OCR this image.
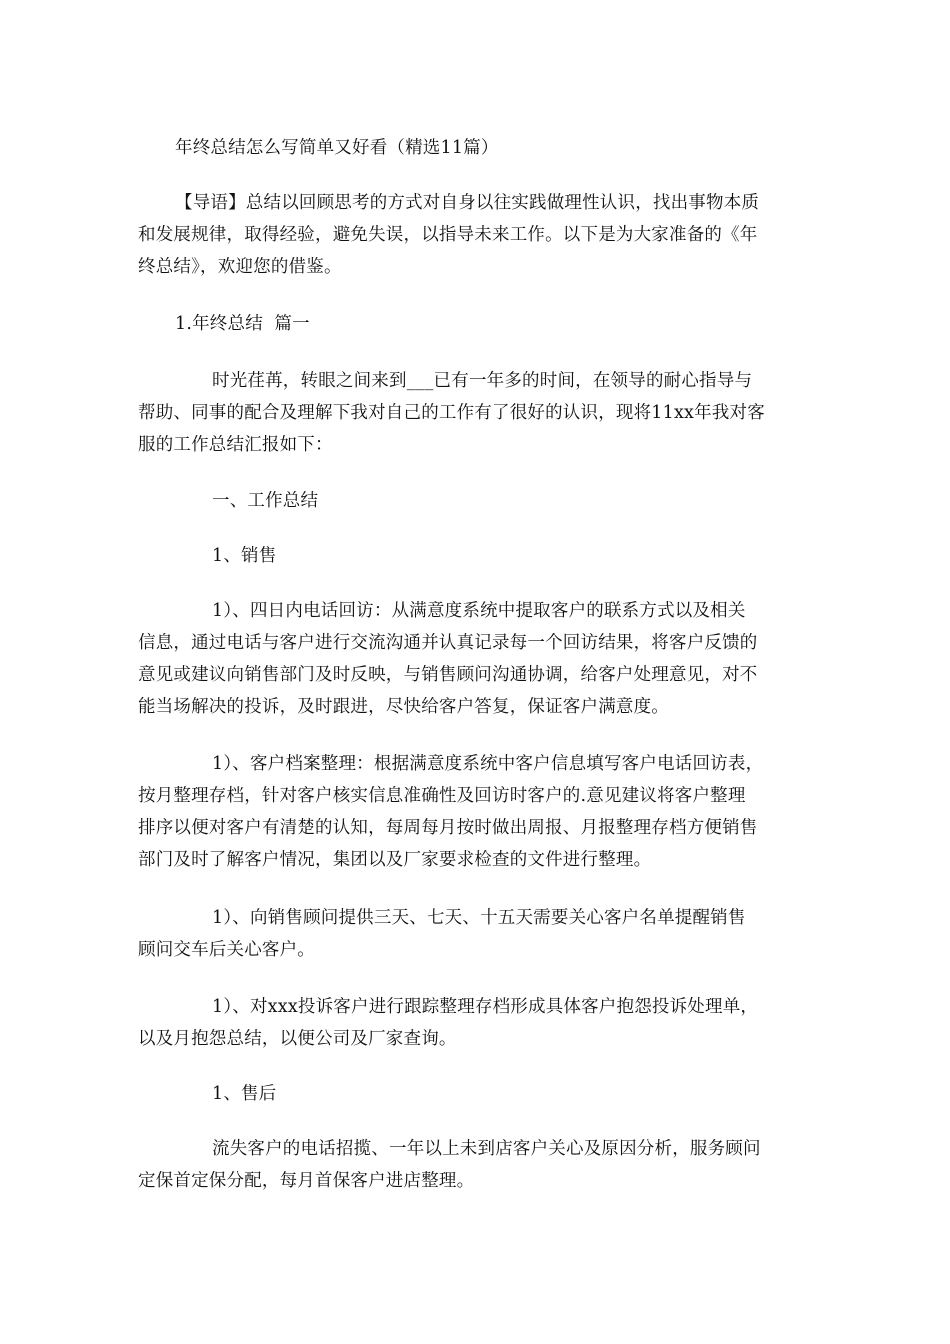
年终总结怎么写简单又好看（精选11篇）
【导语】总结以回顾思考的方式对自身以往实践做理性认识，找出事物本质
和发展规律，取得经验，避免失误，以指导未来工作。以下是为大家准备的《年
终总结》，欢迎您的借鉴。
1.年终总结  篇一
时光荏苒，转眼之间来到___已有一年多的时间，在领导的耐心指导与
帮助、同事的配合及理解下我对自己的工作有了很好的认识，现将11xx年我对客
服的工作总结汇报如下：
一、工作总结
1、销售
1）、四日内电话回访：从满意度系统中提取客户的联系方式以及相关
信息，通过电话与客户进行交流沟通并认真记录每一个回访结果，将客户反馈的
意见或建议向销售部门及时反映，与销售顾问沟通协调，给客户处理意见，对不
能当场解决的投诉，及时跟进，尽快给客户答复，保证客户满意度。
1）、客户档案整理：根据满意度系统中客户信息填写客户电话回访表，
按月整理存档，针对客户核实信息准确性及回访时客户的.意见建议将客户整理
排序以便对客户有清楚的认知，每周每月按时做出周报、月报整理存档方便销售
部门及时了解客户情况，集团以及厂家要求检查的文件进行整理。
1）、向销售顾问提供三天、七天、十五天需要关心客户名单提醒销售
顾问交车后关心客户。
1）、对xxx投诉客户进行跟踪整理存档形成具体客户抱怨投诉处理单，
以及月抱怨总结，以便公司及厂家查询。
1、售后
流失客户的电话招揽、一年以上未到店客户关心及原因分析，服务顾问
定保首定保分配，每月首保客户进店整理。
